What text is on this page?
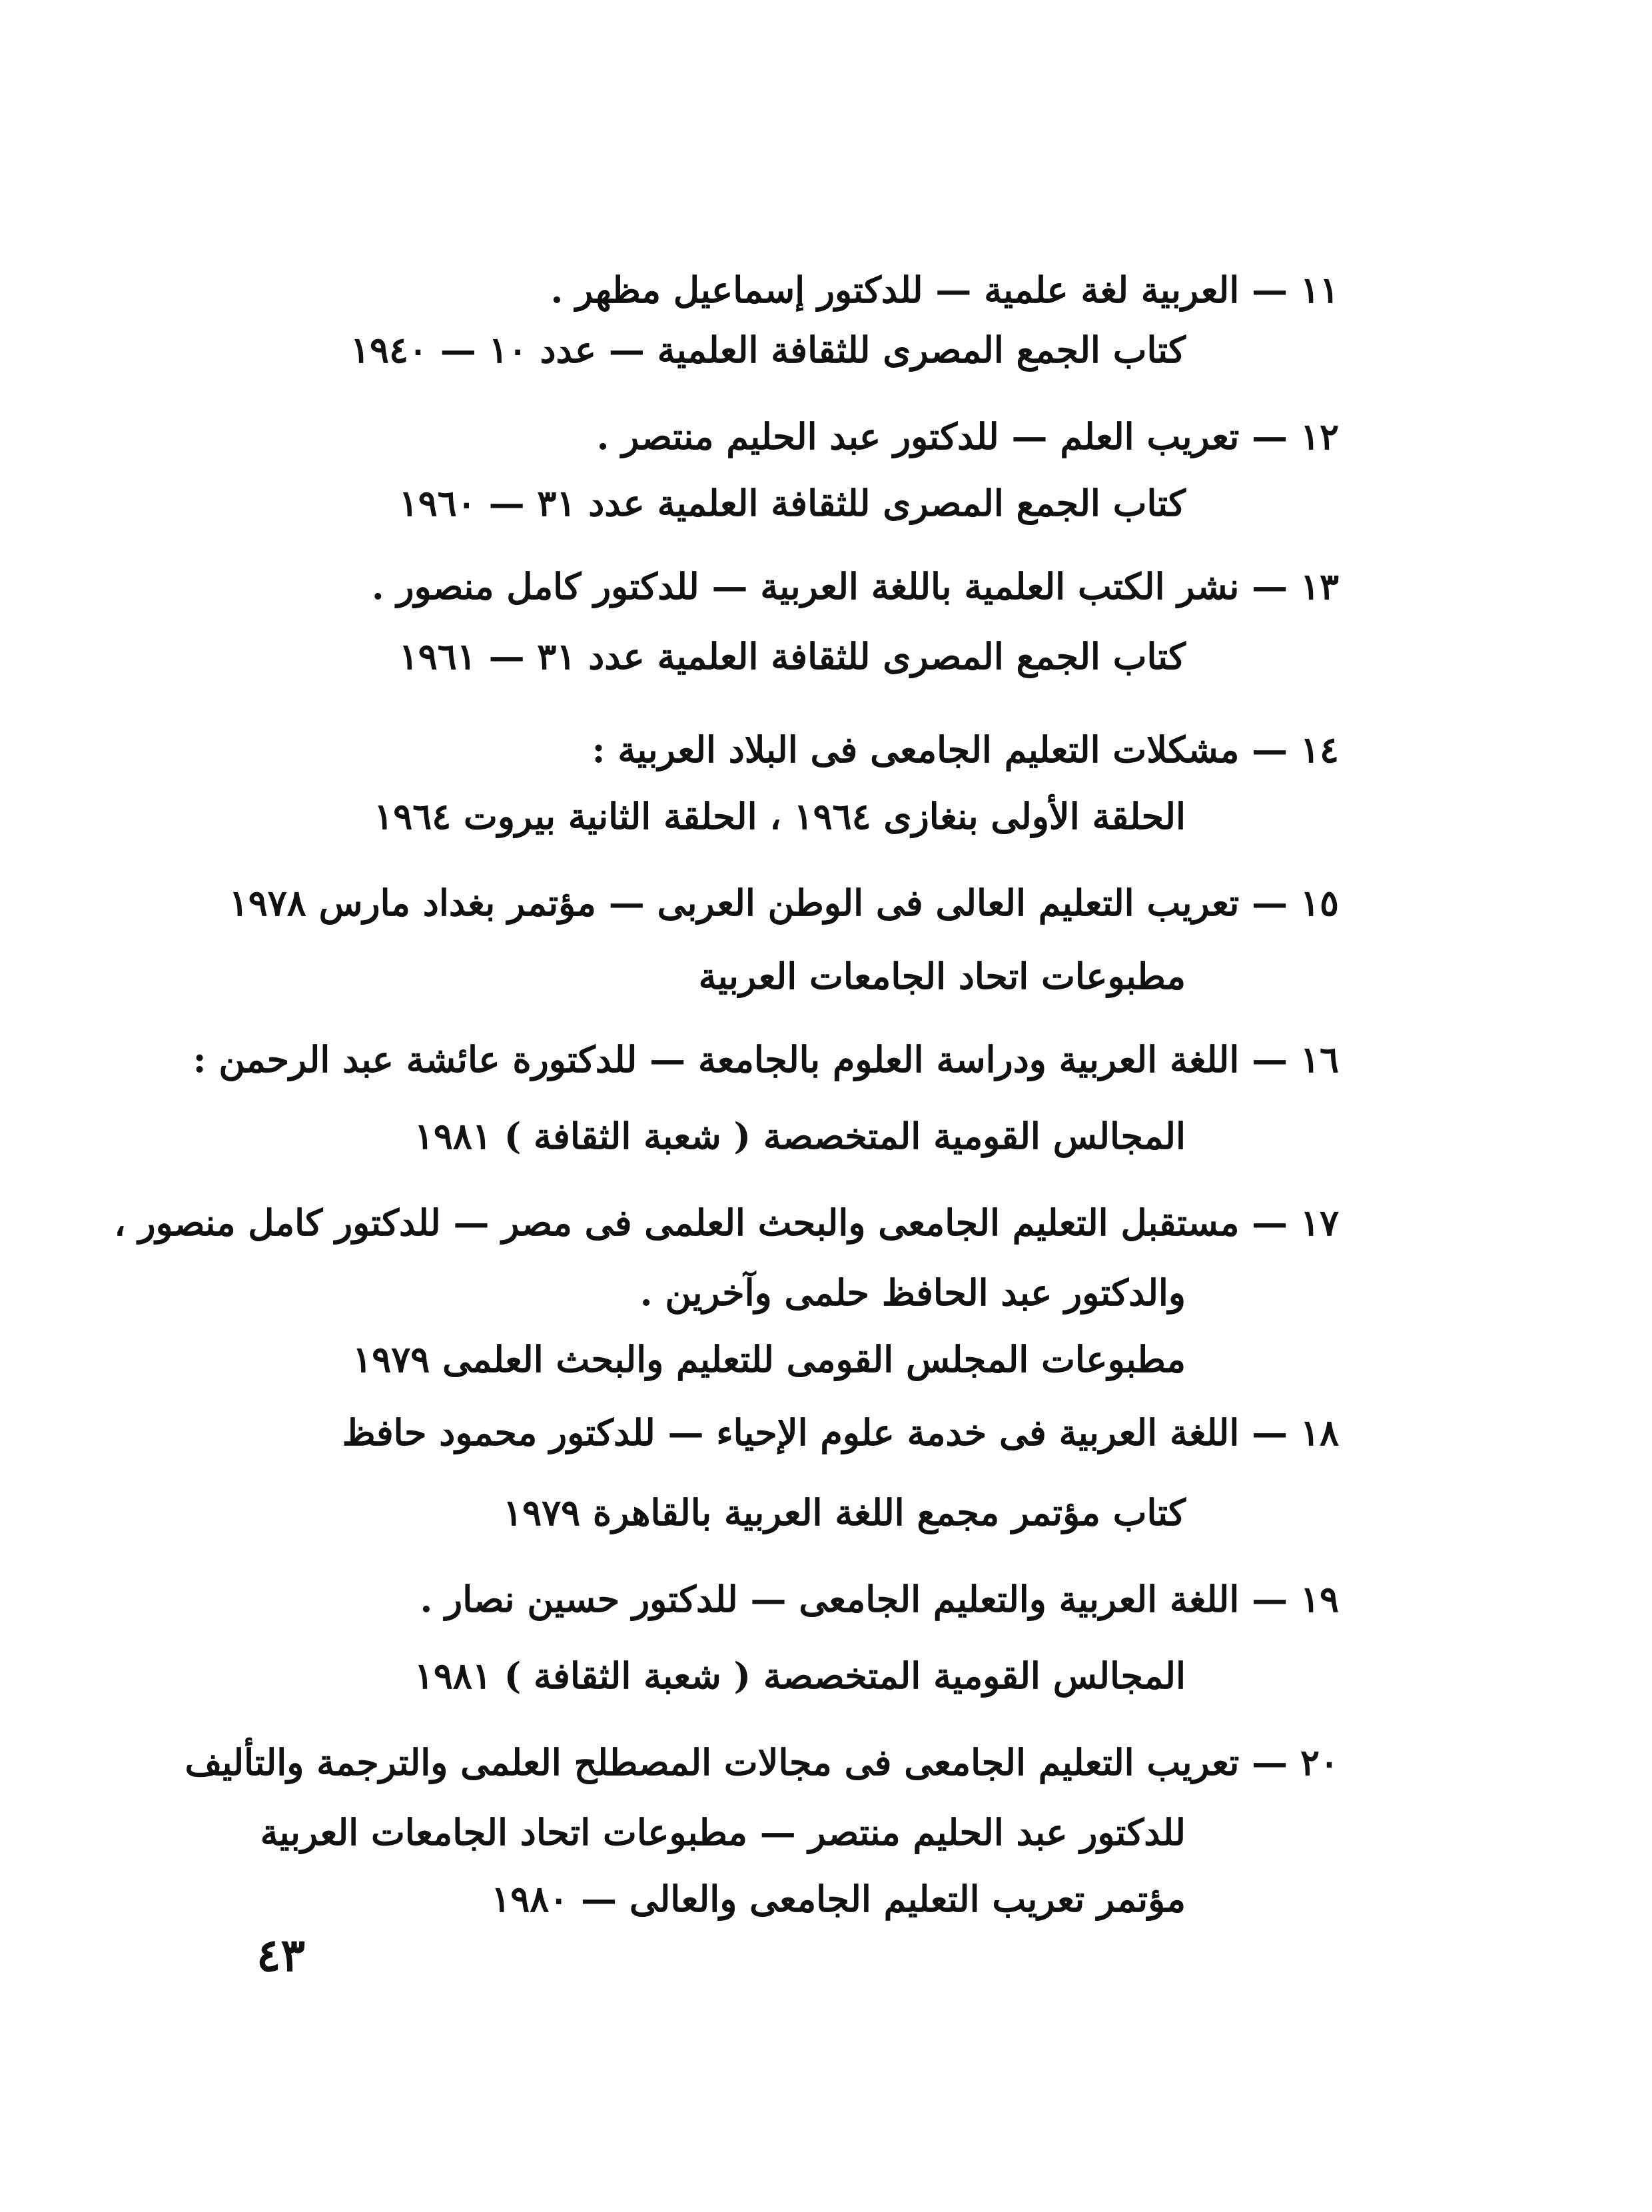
١١ — العربية لغة علمية — للدكتور إسماعيل مظهر .
كتاب الجمع المصرى للثقافة العلمية — عدد ١٠ — ١٩٤٠
١٢ — تعريب العلم — للدكتور عبد الحليم منتصر .
كتاب الجمع المصرى للثقافة العلمية عدد ٣١ — ١٩٦٠
١٣ — نشر الكتب العلمية باللغة العربية — للدكتور كامل منصور .
كتاب الجمع المصرى للثقافة العلمية عدد ٣١ — ١٩٦١
١٤ — مشكلات التعليم الجامعى فى البلاد العربية :
الحلقة الأولى بنغازى ١٩٦٤ ، الحلقة الثانية بيروت ١٩٦٤
١٥ — تعريب التعليم العالى فى الوطن العربى — مؤتمر بغداد مارس ١٩٧٨
مطبوعات اتحاد الجامعات العربية
١٦ — اللغة العربية ودراسة العلوم بالجامعة — للدكتورة عائشة عبد الرحمن :
المجالس القومية المتخصصة ( شعبة الثقافة ) ١٩٨١
١٧ — مستقبل التعليم الجامعى والبحث العلمى فى مصر — للدكتور كامل منصور ،
والدكتور عبد الحافظ حلمى وآخرين .
مطبوعات المجلس القومى للتعليم والبحث العلمى ١٩٧٩
١٨ — اللغة العربية فى خدمة علوم الإحياء — للدكتور محمود حافظ
كتاب مؤتمر مجمع اللغة العربية بالقاهرة ١٩٧٩
١٩ — اللغة العربية والتعليم الجامعى — للدكتور حسين نصار .
المجالس القومية المتخصصة ( شعبة الثقافة ) ١٩٨١
٢٠ — تعريب التعليم الجامعى فى مجالات المصطلح العلمى والترجمة والتأليف
للدكتور عبد الحليم منتصر — مطبوعات اتحاد الجامعات العربية
مؤتمر تعريب التعليم الجامعى والعالى — ١٩٨٠
٤٣
